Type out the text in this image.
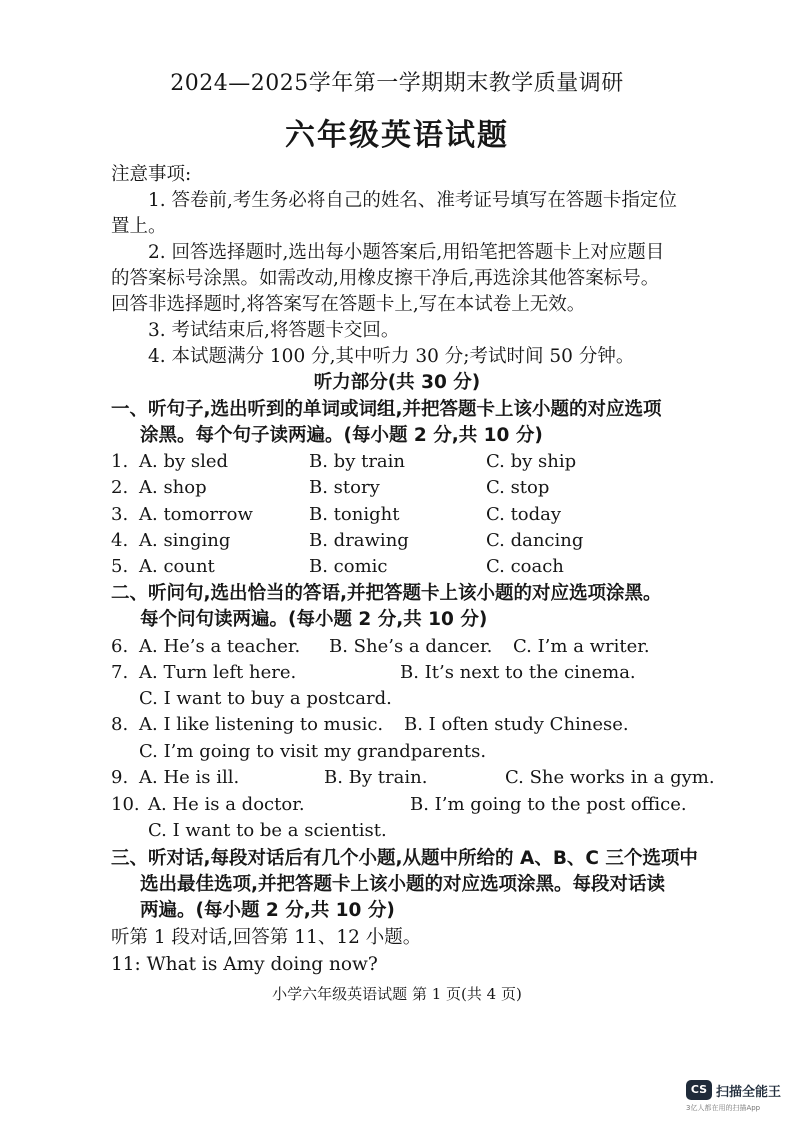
2024—2025学年第一学期期末教学质量调研
六年级英语试题
注意事项:
1. 答卷前,考生务必将自己的姓名、准考证号填写在答题卡指定位
置上。
2. 回答选择题时,选出每小题答案后,用铅笔把答题卡上对应题目
的答案标号涂黑。如需改动,用橡皮擦干净后,再选涂其他答案标号。
回答非选择题时,将答案写在答题卡上,写在本试卷上无效。
3. 考试结束后,将答题卡交回。
4. 本试题满分 100 分,其中听力 30 分;考试时间 50 分钟。
听力部分(共 30 分)
一、听句子,选出听到的单词或词组,并把答题卡上该小题的对应选项
涂黑。每个句子读两遍。(每小题 2 分,共 10 分)
1. A. by sled	B. by train	C. by ship
2. A. shop	B. story	C. stop
3. A. tomorrow	B. tonight	C. today
4. A. singing	B. drawing	C. dancing
5. A. count	B. comic	C. coach
二、听问句,选出恰当的答语,并把答题卡上该小题的对应选项涂黑。
每个问句读两遍。(每小题 2 分,共 10 分)
6. A. He’s a teacher. B. She’s a dancer. C. I’m a writer.
7. A. Turn left here.	B. It’s next to the cinema.
C. I want to buy a postcard.
8. A. I like listening to music. B. I often study Chinese.
C. I’m going to visit my grandparents.
9. A. He is ill.	B. By train.	C. She works in a gym.
10. A. He is a doctor.	B. I’m going to the post office.
C. I want to be a scientist.
三、听对话,每段对话后有几个小题,从题中所给的 A、B、C 三个选项中
选出最佳选项,并把答题卡上该小题的对应选项涂黑。每段对话读
两遍。(每小题 2 分,共 10 分)
听第 1 段对话,回答第 11、12 小题。
11: What is Amy doing now?
小学六年级英语试题 第 1 页(共 4 页)
CS 扫描全能王
3亿人都在用的扫描App
